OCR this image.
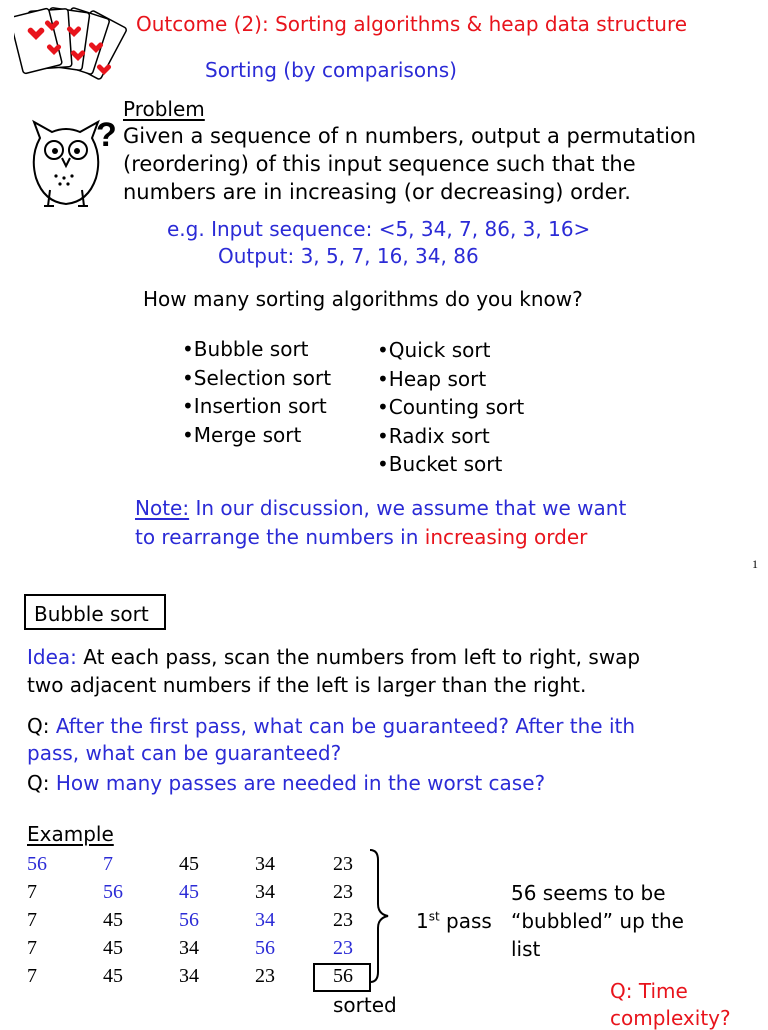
Outcome (2): Sorting algorithms & heap data structure
Sorting (by comparisons)
?
Problem
Given a sequence of n numbers, output a permutation
(reordering) of this input sequence such that the
numbers are in increasing (or decreasing) order.
e.g. Input sequence: <5, 34, 7, 86, 3, 16>
Output: 3, 5, 7, 16, 34, 86
How many sorting algorithms do you know?
• Bubble sort
• Selection sort
• Insertion sort
• Merge sort
• Quick sort
• Heap sort
• Counting sort
• Radix sort
• Bucket sort
Note: In our discussion, we assume that we want
to rearrange the numbers in increasing order
1
Bubble sort
Idea: At each pass, scan the numbers from left to right, swap
two adjacent numbers if the left is larger than the right.
Q: After the first pass, what can be guaranteed? After the ith
pass, what can be guaranteed?
Q: How many passes are needed in the worst case?
Example
56	7	45	34	23
7	56	45	34	23
7	45	56	34	23
7	45	34	56	23
7	45	34	23	56
1st pass
56 seems to be
“bubbled” up the
list
sorted
Q: Time
complexity?
